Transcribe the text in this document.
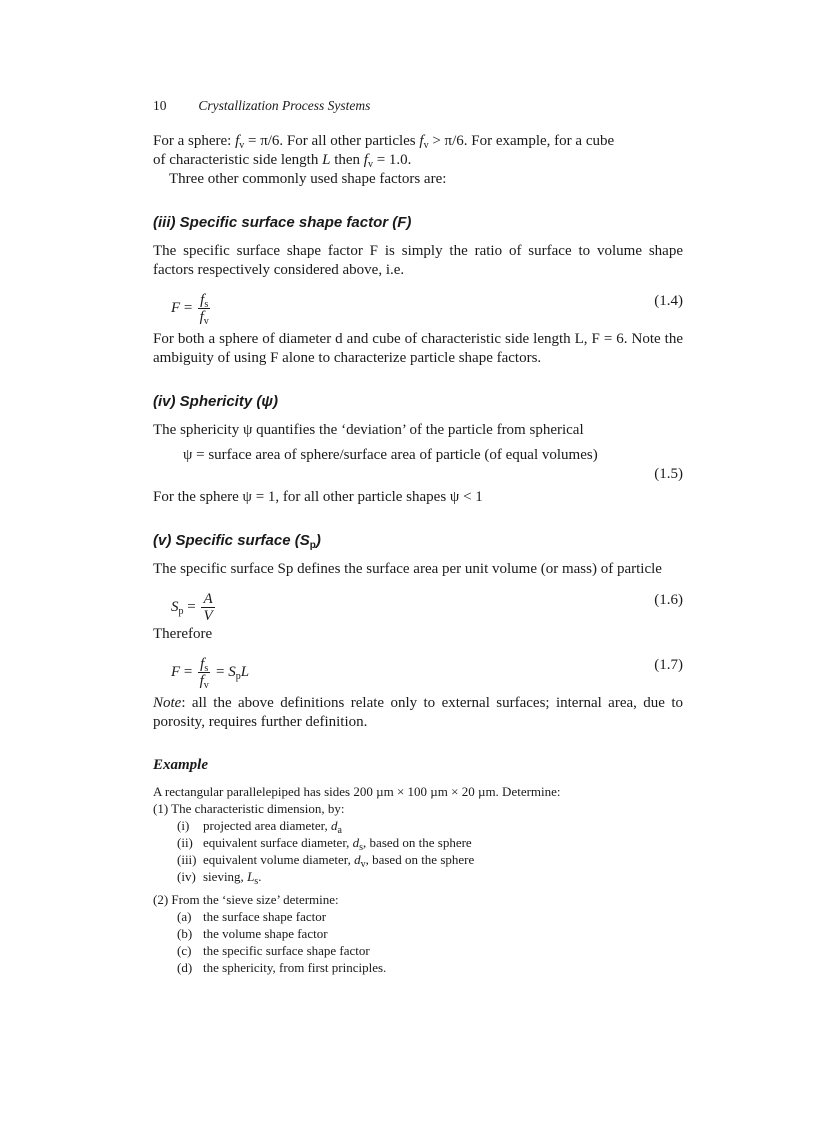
10 Crystallization Process Systems

For a sphere: $f_v = \pi/6$. For all other particles $f_v > \pi/6$. For example, for a cube

of characteristic side length L then $f_v = 1.0$.

Three other commonly used shape factors are:

(iii) Specific surface shape factor (F)

The specific surface shape factor F is simply the ratio of surface to volume shape factors respectively considered above, i.e.

$F = \frac{f_s}{f_v}$	(1.4)

For both a sphere of diameter d and cube of characteristic side length L, F = 6. Note the ambiguity of using F alone to characterize particle shape factors.

(iv) Sphericity (ψ)

The sphericity ψ quantifies the ‘deviation’ of the particle from spherical

ψ = surface area of sphere/surface area of particle (of equal volumes)

(1.5)

For the sphere ψ = 1, for all other particle shapes ψ < 1

(v) Specific surface $(S_p)$

The specific surface Sp defines the surface area per unit volume (or mass) of particle

$S_p = \frac{A}{V}$	(1.6)

Therefore

$F = \frac{f_s}{f_v} = S_pL$	(1.7)

Note: all the above definitions relate only to external surfaces; internal area, due to porosity, requires further definition.

Example

A rectangular parallelepiped has sides 200 µm × 100 µm × 20 µm. Determine:

(1) The characteristic dimension, by:

(i) projected area diameter, $d_a$
(ii) equivalent surface diameter, $d_s$, based on the sphere
(iii) equivalent volume diameter, $d_v$, based on the sphere
(iv) sieving, $L_s$.

(2) From the ‘sieve size’ determine:

(a) the surface shape factor
(b) the volume shape factor
(c) the specific surface shape factor
(d) the sphericity, from first principles.
